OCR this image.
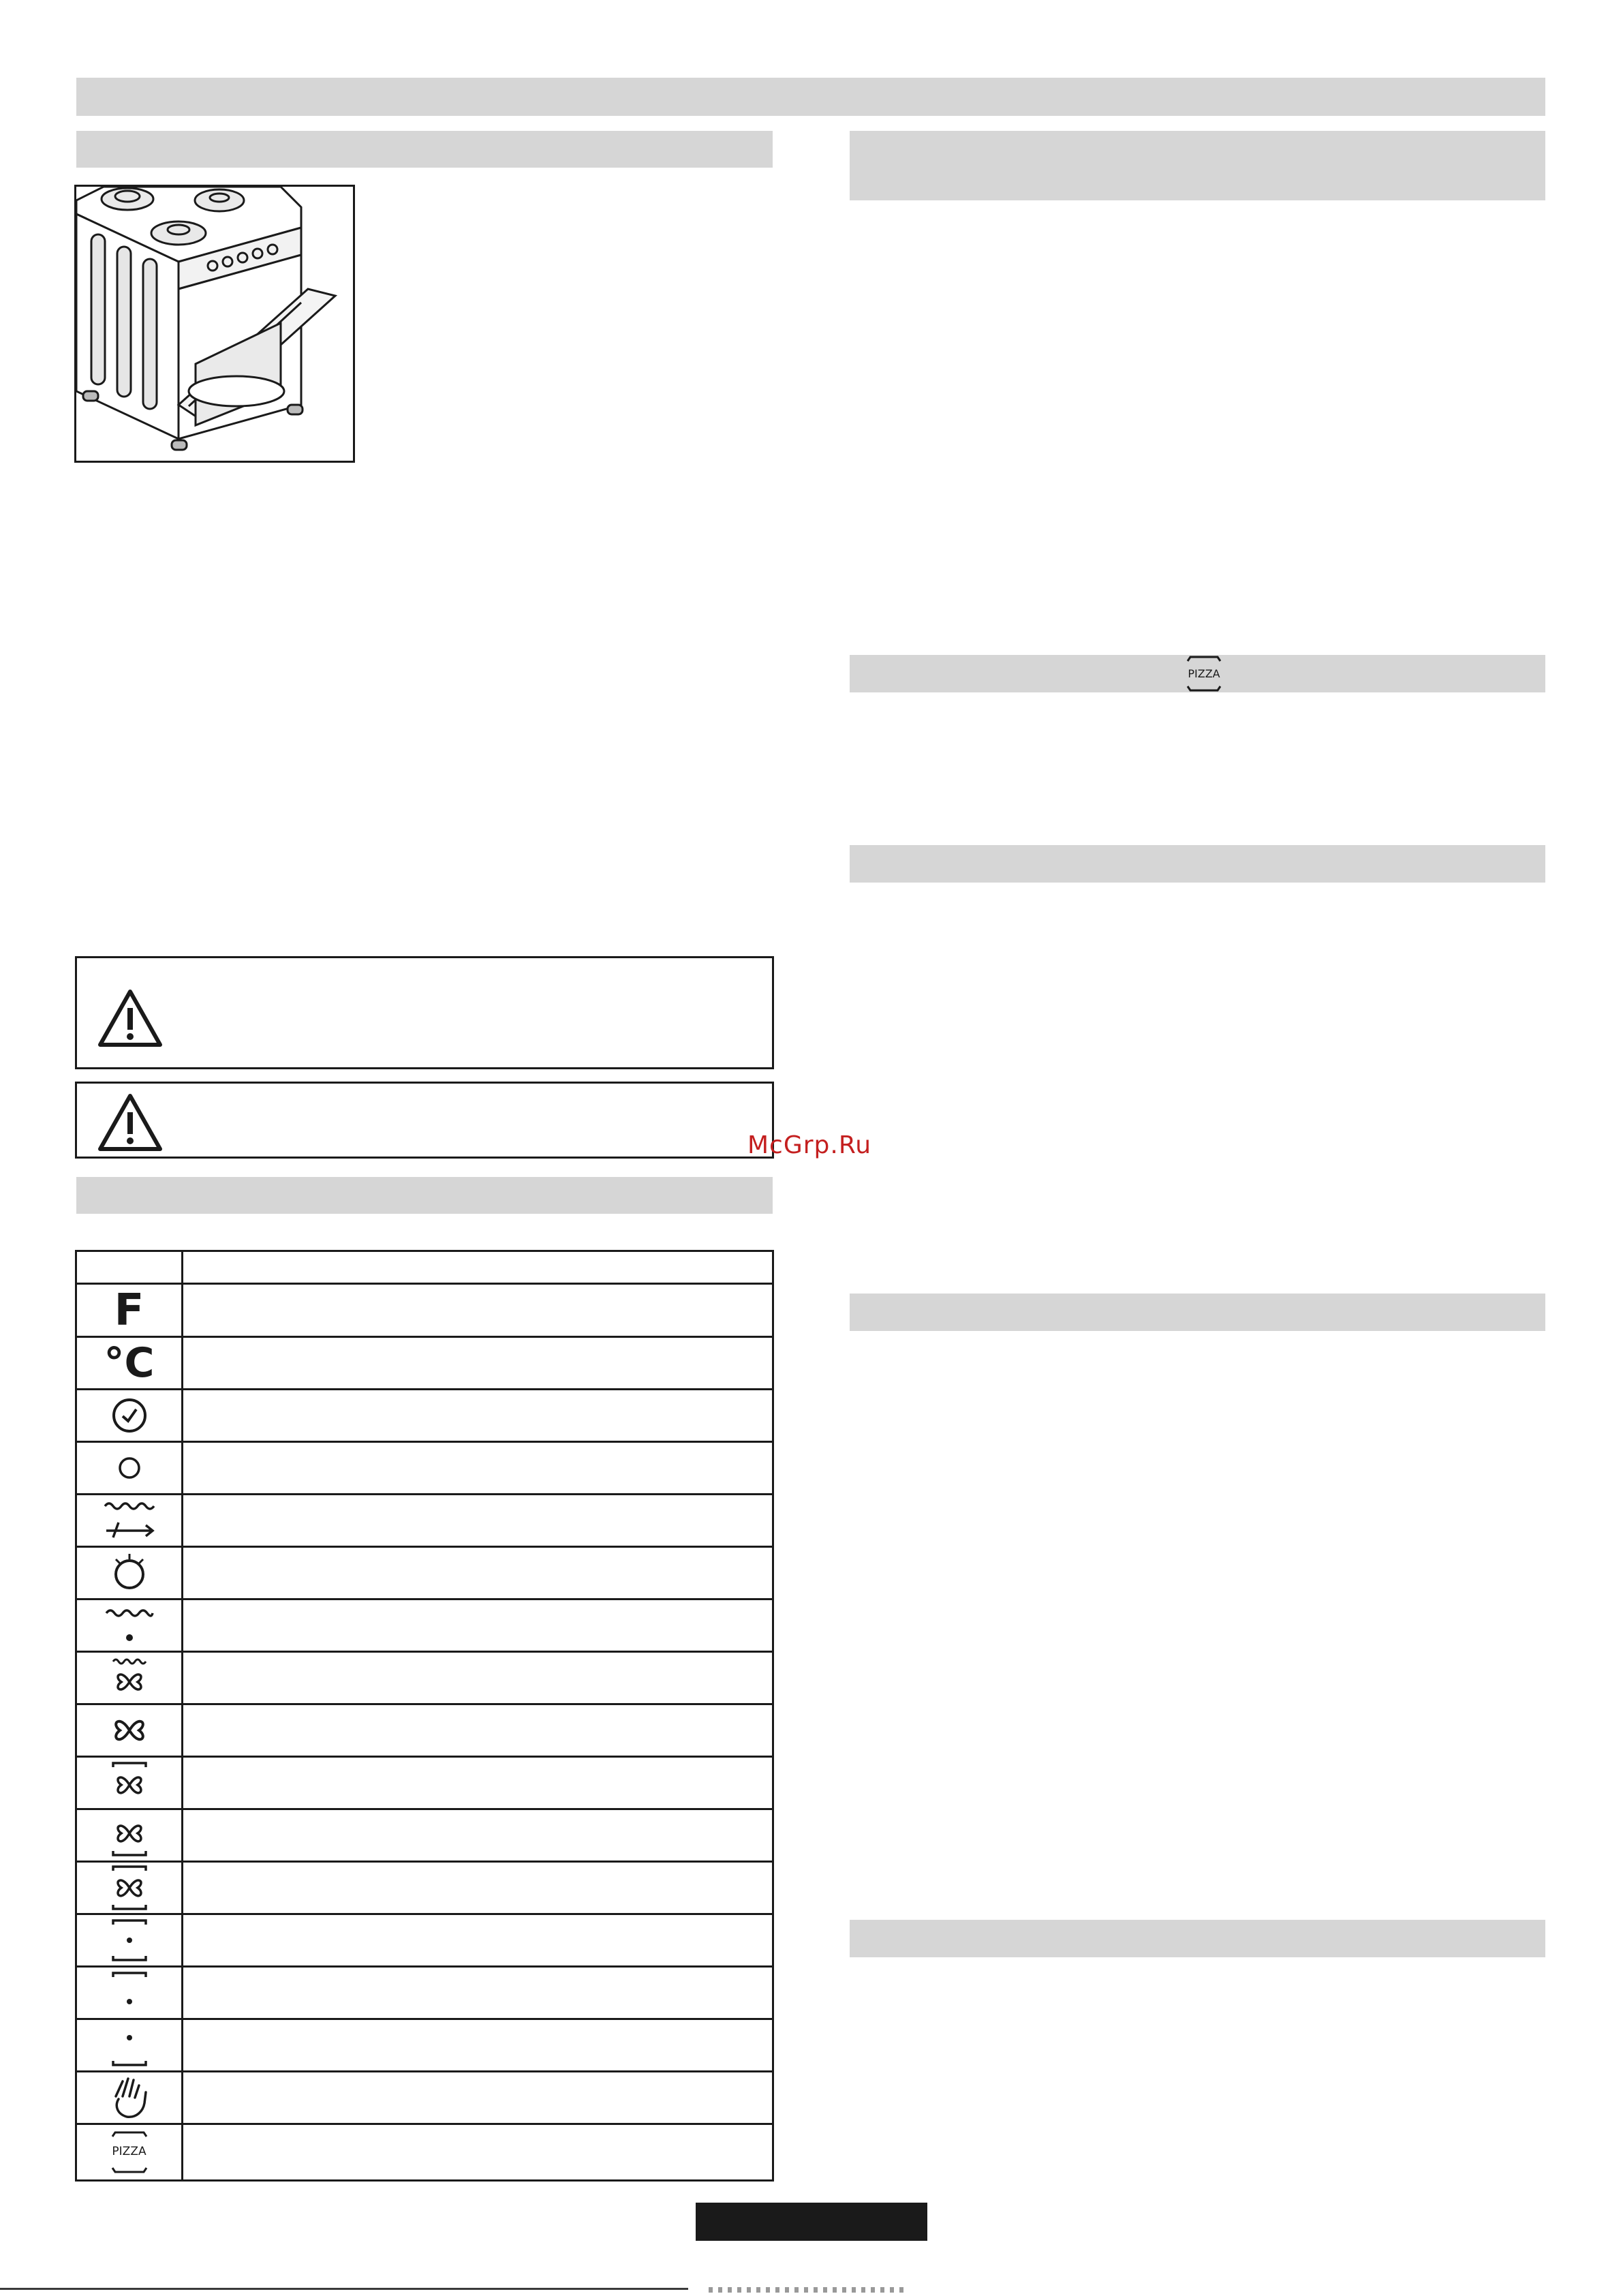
F
°C
PIZZA
PIZZA
McGrp.Ru
